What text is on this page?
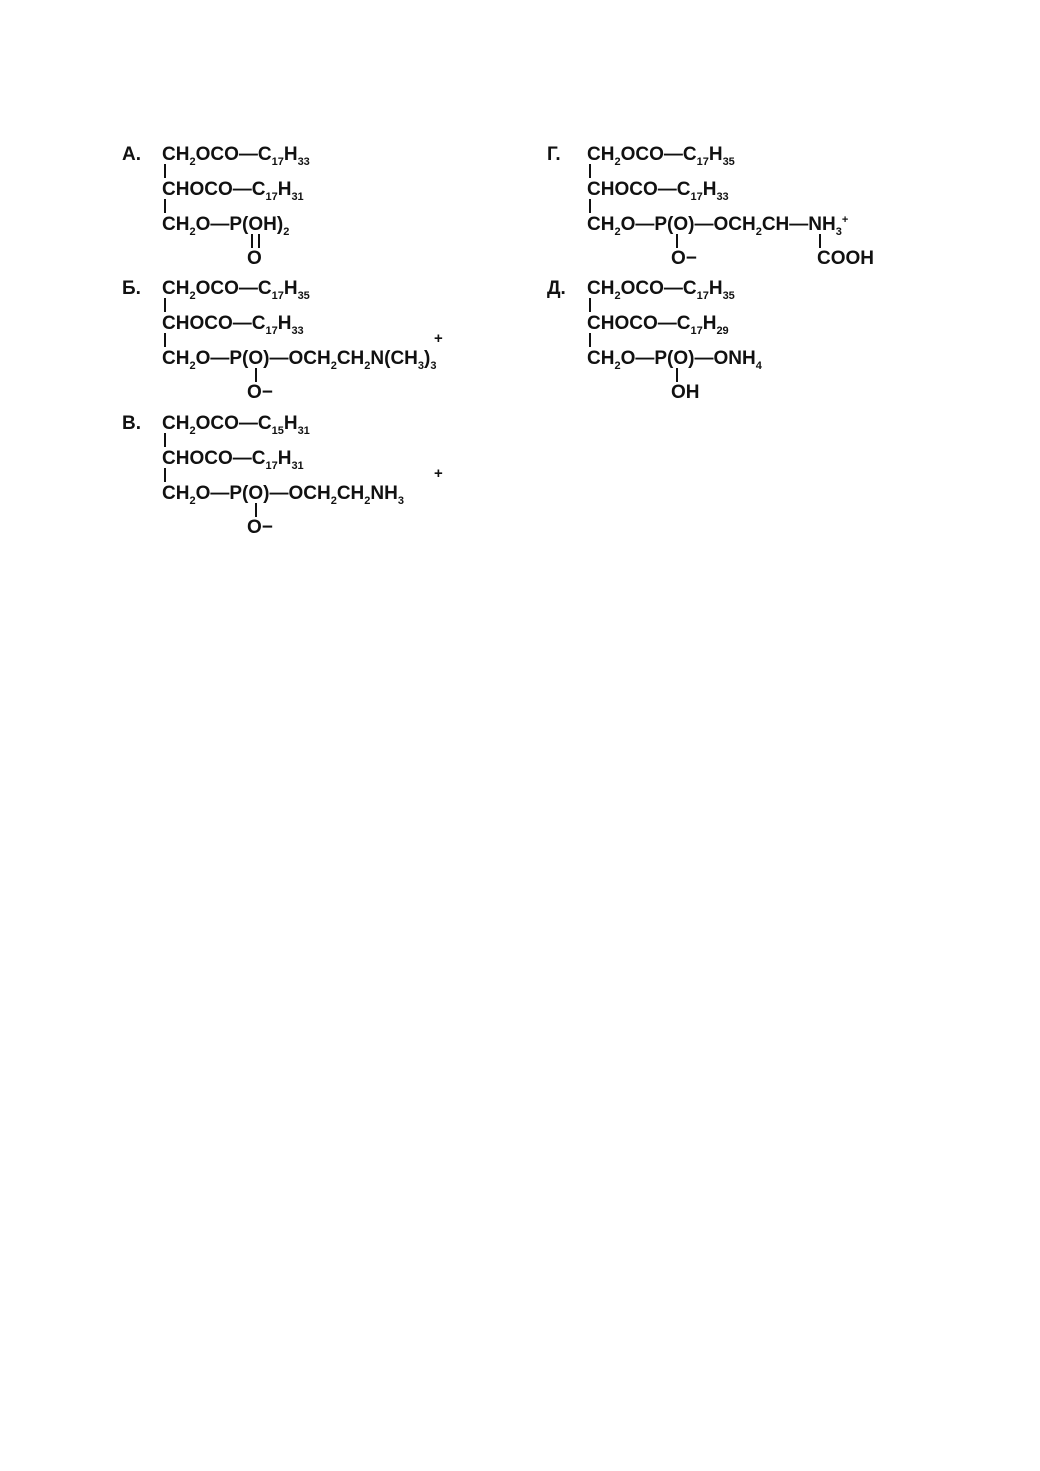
А. $CH_2OCO—C_{17}H_{33}$
$CHOCO—C_{17}H_{31}$
$CH_2O—P(OH)_2$
O
Б. $CH_2OCO—C_{17}H_{35}$
$CHOCO—C_{17}H_{33}$	+
$CH_2O—P(O)—OCH_2CH_2N(CH_3)_3$
O−
В. $CH_2OCO—C_{15}H_{31}$
$CHOCO—C_{17}H_{31}$	+
$CH_2O—P(O)—OCH_2CH_2NH_3$
O−
Г. $CH_2OCO—C_{17}H_{35}$
$CHOCO—C_{17}H_{33}$
$CH_2O—P(O)—OCH_2CH—NH_3^+$
O−	COOH
Д. $CH_2OCO—C_{17}H_{35}$
$CHOCO—C_{17}H_{29}$
$CH_2O—P(O)—ONH_4$
OH
